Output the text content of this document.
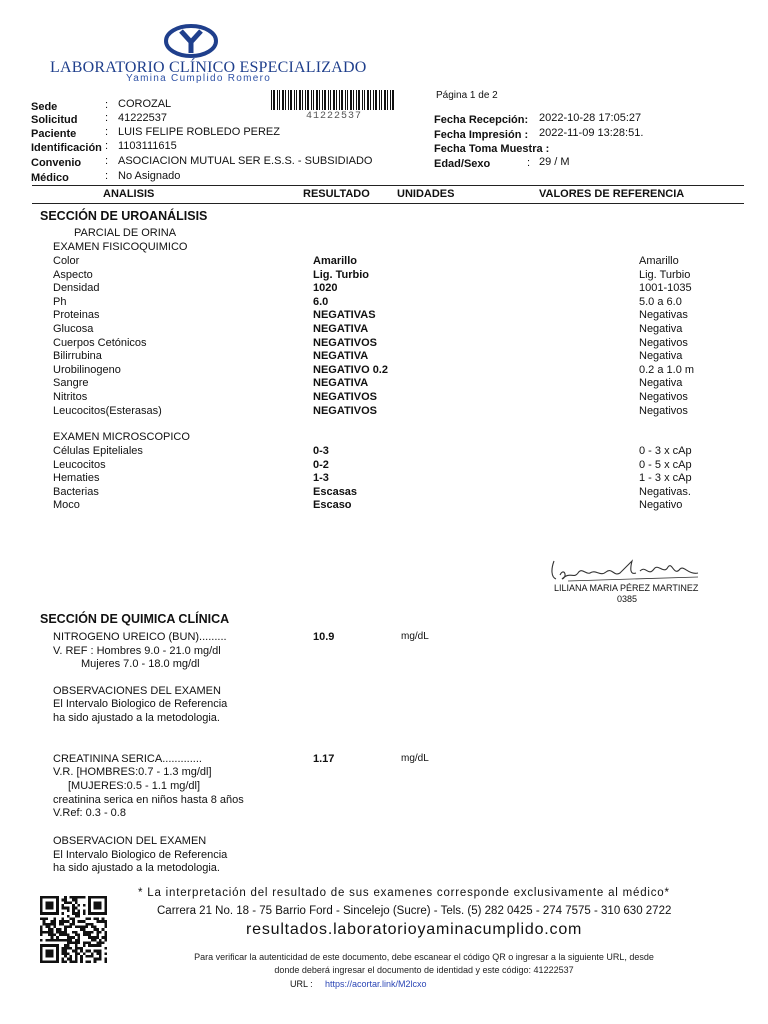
LABORATORIO CLÍNICO ESPECIALIZADO
Yamina Cumplido Romero
41222537
Página 1 de 2
Sede	: COROZAL
Solicitud	: 41222537
Paciente	: LUIS FELIPE ROBLEDO PEREZ
Identificación : 1103111615
Convenio : ASOCIACION MUTUAL SER E.S.S. - SUBSIDIADO
Médico	: No Asignado
Fecha Recepción: 2022-10-28 17:05:27
Fecha Impresión : 2022-11-09 13:28:51.
Fecha Toma Muestra :
Edad/Sexo	: 29 / M
ANALISIS	RESULTADO UNIDADES	VALORES DE REFERENCIA
SECCIÓN DE UROANÁLISIS
PARCIAL DE ORINA
EXAMEN FISICOQUIMICO
Color	Amarillo	Amarillo
Aspecto	Lig. Turbio	Lig. Turbio
Densidad	1020	1001-1035
Ph	6.0	5.0 a 6.0
Proteinas	NEGATIVAS	Negativas
Glucosa	NEGATIVA	Negativa
Cuerpos Cetónicos	NEGATIVOS	Negativos
Bilirrubina	NEGATIVA	Negativa
Urobilinogeno	NEGATIVO 0.2	0.2 a 1.0 m
Sangre	NEGATIVA	Negativa
Nitritos	NEGATIVOS	Negativos
Leucocitos(Esterasas)	NEGATIVOS	Negativos
EXAMEN MICROSCOPICO
Células Epiteliales	0-3	0 - 3 x cAp
Leucocitos	0-2	0 - 5 x cAp
Hematies	1-3	1 - 3 x cAp
Bacterias	Escasas	Negativas.
Moco	Escaso	Negativo
LILIANA MARIA PÉREZ MARTINEZ
0385
SECCIÓN DE QUIMICA CLÍNICA
NITROGENO UREICO (BUN).........	10.9	mg/dL
V. REF : Hombres 9.0 - 21.0 mg/dl
Mujeres 7.0 - 18.0 mg/dl
OBSERVACIONES DEL EXAMEN
El Intervalo Biologico de Referencia
ha sido ajustado a la metodologia.
CREATININA SERICA.............	1.17	mg/dL
V.R. [HOMBRES:0.7 - 1.3 mg/dl]
[MUJERES:0.5 - 1.1 mg/dl]
creatinina serica en niños hasta 8 años
V.Ref: 0.3 - 0.8
OBSERVACION DEL EXAMEN
El Intervalo Biologico de Referencia
ha sido ajustado a la metodologia.
* La interpretación del resultado de sus examenes corresponde exclusivamente al médico*
Carrera 21 No. 18 - 75 Barrio Ford - Sincelejo (Sucre) - Tels. (5) 282 0425 - 274 7575 - 310 630 2722
resultados.laboratorioyaminacumplido.com
Para verificar la autenticidad de este documento, debe escanear el código QR o ingresar a la siguiente URL, desde
donde deberá ingresar el documento de identidad y este código: 41222537
URL : https://acortar.link/M2lcxo
